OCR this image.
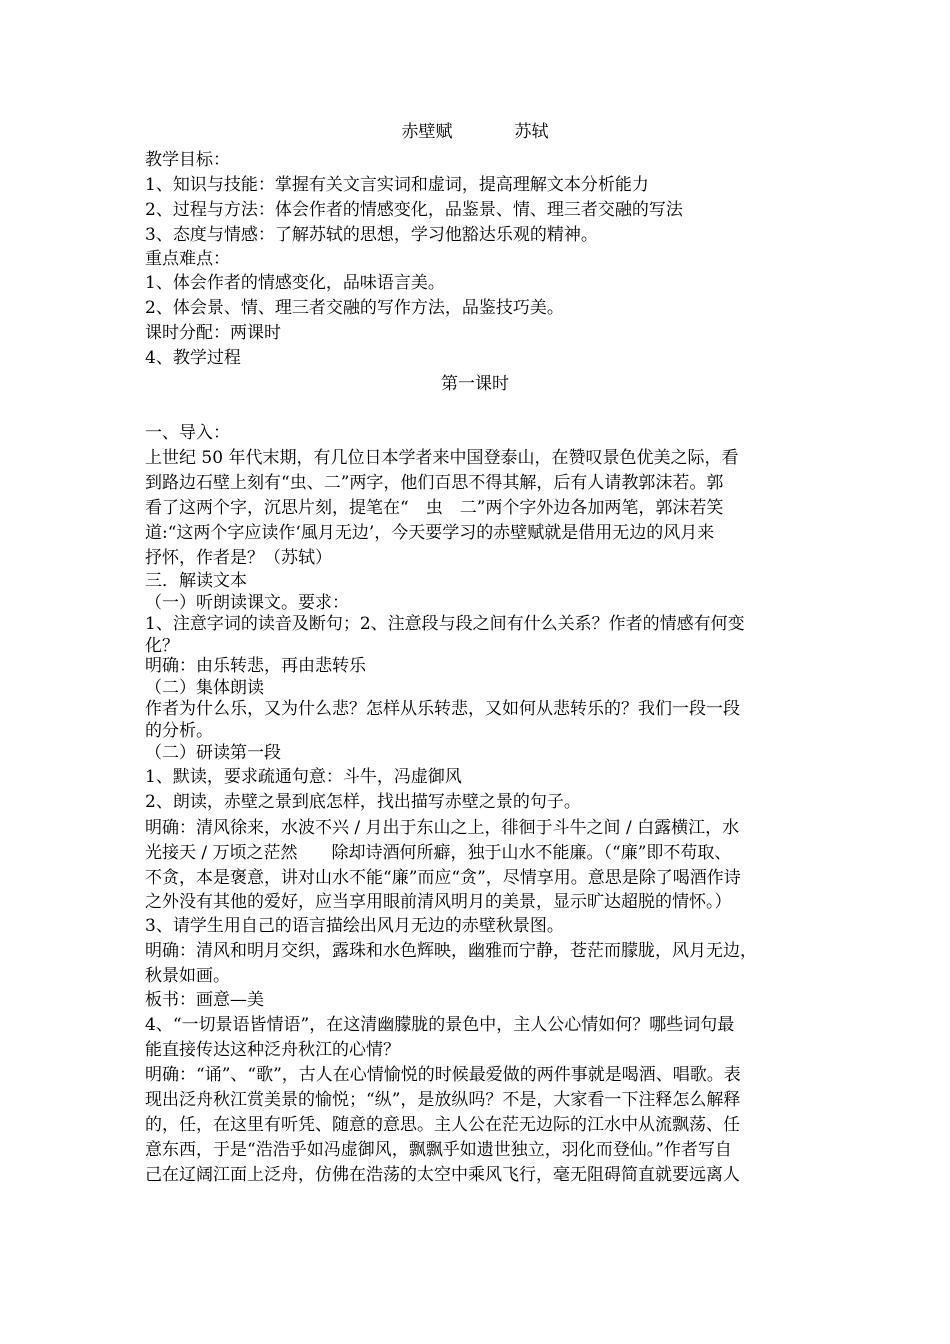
赤壁赋	苏轼
教学目标：
1、知识与技能：掌握有关文言实词和虚词，提高理解文本分析能力
2、过程与方法：体会作者的情感变化，品鉴景、情、理三者交融的写法
3、态度与情感：了解苏轼的思想，学习他豁达乐观的精神。
重点难点：
1、体会作者的情感变化，品味语言美。
2、体会景、情、理三者交融的写作方法，品鉴技巧美。
课时分配：两课时
4、教学过程
第一课时
一、导入：
上世纪 50 年代末期，有几位日本学者来中国登泰山，在赞叹景色优美之际，看
到路边石壁上刻有“虫、二”两字，他们百思不得其解，后有人请教郭沫若。郭
看了这两个字，沉思片刻，提笔在“　虫　二”两个字外边各加两笔，郭沫若笑
道:“这两个字应读作‘風月无边’，今天要学习的赤壁赋就是借用无边的风月来
抒怀，作者是？（苏轼）
三．解读文本
（一）听朗读课文。要求：
1、注意字词的读音及断句；2、注意段与段之间有什么关系？作者的情感有何变
化？
明确：由乐转悲，再由悲转乐
（二）集体朗读
作者为什么乐，又为什么悲？怎样从乐转悲，又如何从悲转乐的？我们一段一段
的分析。
（二）研读第一段
1、默读，要求疏通句意：斗牛，冯虚御风
2、朗读，赤壁之景到底怎样，找出描写赤壁之景的句子。
明确：清风徐来，水波不兴 / 月出于东山之上，徘徊于斗牛之间 / 白露横江，水
光接天 / 万顷之茫然　　除却诗酒何所癖，独于山水不能廉。（“廉”即不苟取、
不贪，本是褒意，讲对山水不能“廉”而应“贪”，尽情享用。意思是除了喝酒作诗
之外没有其他的爱好，应当享用眼前清风明月的美景，显示旷达超脱的情怀。）
3、请学生用自己的语言描绘出风月无边的赤壁秋景图。
明确：清风和明月交织，露珠和水色辉映，幽雅而宁静，苍茫而朦胧，风月无边，
秋景如画。
板书：画意—美
4、“一切景语皆情语”，在这清幽朦胧的景色中，主人公心情如何？哪些词句最
能直接传达这种泛舟秋江的心情？
明确：“诵”、“歌”，古人在心情愉悦的时候最爱做的两件事就是喝酒、唱歌。表
现出泛舟秋江赏美景的愉悦；“纵”，是放纵吗？不是，大家看一下注释怎么解释
的，任，在这里有听凭、随意的意思。主人公在茫无边际的江水中从流飘荡、任
意东西，于是“浩浩乎如冯虚御风，飘飘乎如遗世独立，羽化而登仙。”作者写自
己在辽阔江面上泛舟，仿佛在浩荡的太空中乘风飞行，毫无阻碍简直就要远离人
